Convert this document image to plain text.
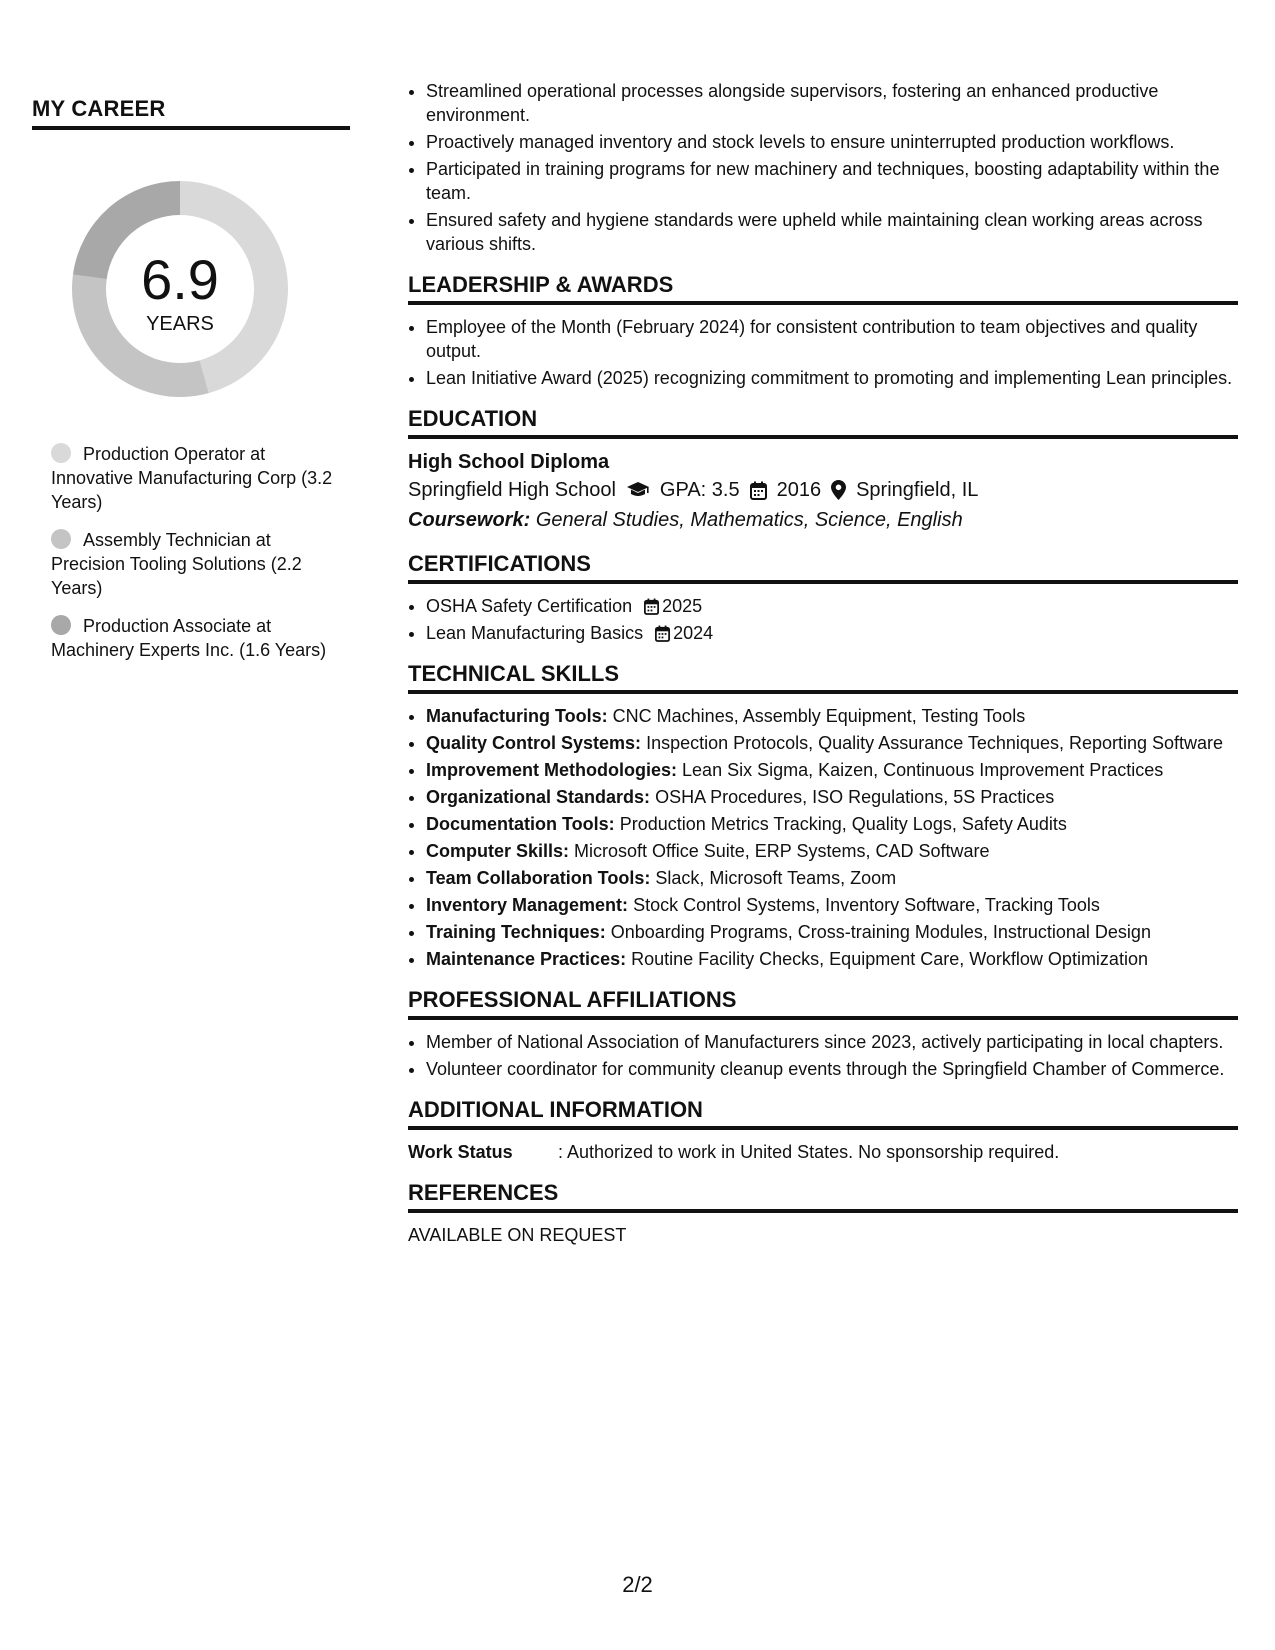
MY CAREER
6.9
YEARS
Production Operator at Innovative Manufacturing Corp (3.2 Years)
Assembly Technician at Precision Tooling Solutions (2.2 Years)
Production Associate at Machinery Experts Inc. (1.6 Years)
• Streamlined operational processes alongside supervisors, fostering an enhanced productive environment.
• Proactively managed inventory and stock levels to ensure uninterrupted production workflows.
• Participated in training programs for new machinery and techniques, boosting adaptability within the team.
• Ensured safety and hygiene standards were upheld while maintaining clean working areas across various shifts.
LEADERSHIP & AWARDS
• Employee of the Month (February 2024) for consistent contribution to team objectives and quality output.
• Lean Initiative Award (2025) recognizing commitment to promoting and implementing Lean principles.
EDUCATION
High School Diploma
Springfield High School GPA: 3.5 2016 Springfield, IL
Coursework: General Studies, Mathematics, Science, English
CERTIFICATIONS
• OSHA Safety Certification 2025
• Lean Manufacturing Basics 2024
TECHNICAL SKILLS
• Manufacturing Tools: CNC Machines, Assembly Equipment, Testing Tools
• Quality Control Systems: Inspection Protocols, Quality Assurance Techniques, Reporting Software
• Improvement Methodologies: Lean Six Sigma, Kaizen, Continuous Improvement Practices
• Organizational Standards: OSHA Procedures, ISO Regulations, 5S Practices
• Documentation Tools: Production Metrics Tracking, Quality Logs, Safety Audits
• Computer Skills: Microsoft Office Suite, ERP Systems, CAD Software
• Team Collaboration Tools: Slack, Microsoft Teams, Zoom
• Inventory Management: Stock Control Systems, Inventory Software, Tracking Tools
• Training Techniques: Onboarding Programs, Cross-training Modules, Instructional Design
• Maintenance Practices: Routine Facility Checks, Equipment Care, Workflow Optimization
PROFESSIONAL AFFILIATIONS
• Member of National Association of Manufacturers since 2023, actively participating in local chapters.
• Volunteer coordinator for community cleanup events through the Springfield Chamber of Commerce.
ADDITIONAL INFORMATION
Work Status	: Authorized to work in United States. No sponsorship required.
REFERENCES
AVAILABLE ON REQUEST
2/2
